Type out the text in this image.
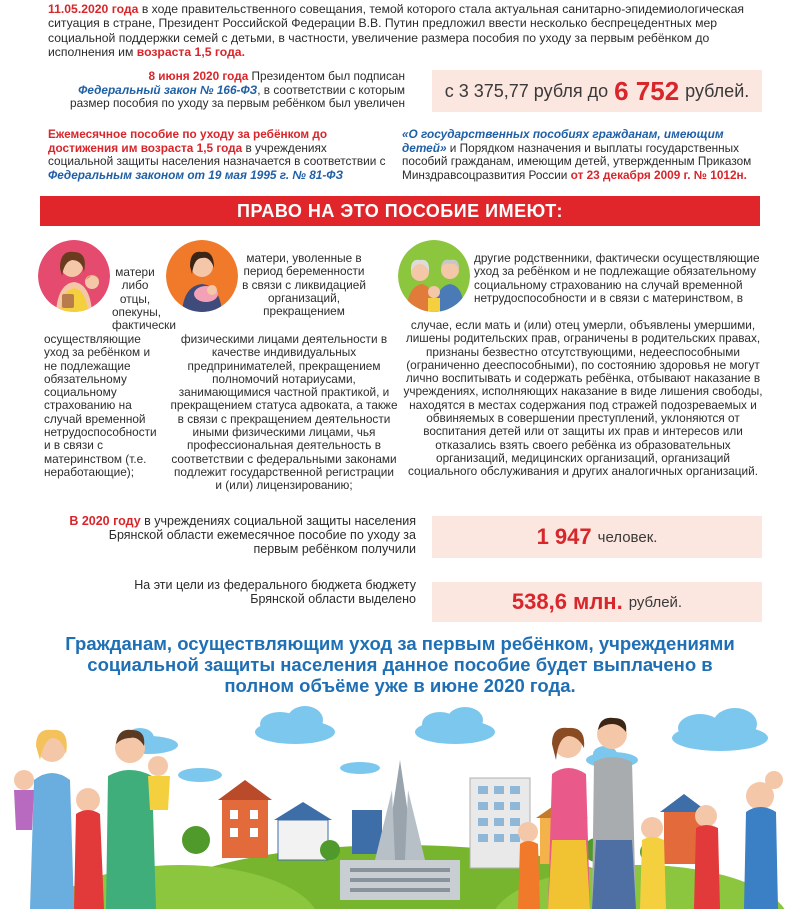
11.05.2020 года в ходе правительственного совещания, темой которого стала актуальная санитарно-эпидемиологическая ситуация в стране, Президент Российской Федерации В.В. Путин предложил ввести несколько беспрецедентных мер социальной поддержки семей с детьми, в частности, увеличение размера пособия по уходу за первым ребёнком до исполнения им возраста 1,5 года.
8 июня 2020 года Президентом был подписан Федеральный закон № 166-ФЗ, в соответствии с которым размер пособия по уходу за первым ребёнком был увеличен
с 3 375,77 рубля до 6 752 рублей.
Ежемесячное пособие по уходу за ребёнком до достижения им возраста 1,5 года в учреждениях социальной защиты населения назначается в соответствии с Федеральным законом от 19 мая 1995 г. № 81-ФЗ
«О государственных пособиях гражданам, имеющим детей» и Порядком назначения и выплаты государственных пособий гражданам, имеющим детей, утвержденным Приказом Минздравсоцразвития России от 23 декабря 2009 г. № 1012н.
ПРАВО НА ЭТО ПОСОБИЕ ИМЕЮТ:
матери либо отцы, опекуны, фактически
осуществляющие уход за ребёнком и не подлежащие обязательному социальному страхованию на случай временной нетрудоспособности и в связи с материнством (т.е. неработающие);
матери, уволенные в период беременности в связи с ликвидацией организаций, прекращением
физическими лицами деятельности в качестве индивидуальных предпринимателей, прекращением полномочий нотариусами, занимающимися частной практикой, и прекращением статуса адвоката, а также в связи с прекращением деятельности иными физическими лицами, чья профессиональная деятельность в соответствии с федеральными законами подлежит государственной регистрации и (или) лицензированию;
другие родственники, фактически осуществляющие уход за ребёнком и не подлежащие обязательному социальному страхованию на случай временной нетрудоспособности и в связи с материнством, в
случае, если мать и (или) отец умерли, объявлены умершими, лишены родительских прав, ограничены в родительских правах, признаны безвестно отсутствующими, недееспособными (ограниченно дееспособными), по состоянию здоровья не могут лично воспитывать и содержать ребёнка, отбывают наказание в учреждениях, исполняющих наказание в виде лишения свободы, находятся в местах содержания под стражей подозреваемых и обвиняемых в совершении преступлений, уклоняются от воспитания детей или от защиты их прав и интересов или отказались взять своего ребёнка из образовательных организаций, медицинских организаций, организаций социального обслуживания и других аналогичных организаций.
В 2020 году в учреждениях социальной защиты населения Брянской области ежемесячное пособие по уходу за первым ребёнком получили	1 947 человек.
На эти цели из федерального бюджета бюджету Брянской области выделено	538,6 млн. рублей.
Гражданам, осуществляющим уход за первым ребёнком, учреждениями социальной защиты населения данное пособие будет выплачено в полном объёме уже в июне 2020 года.
